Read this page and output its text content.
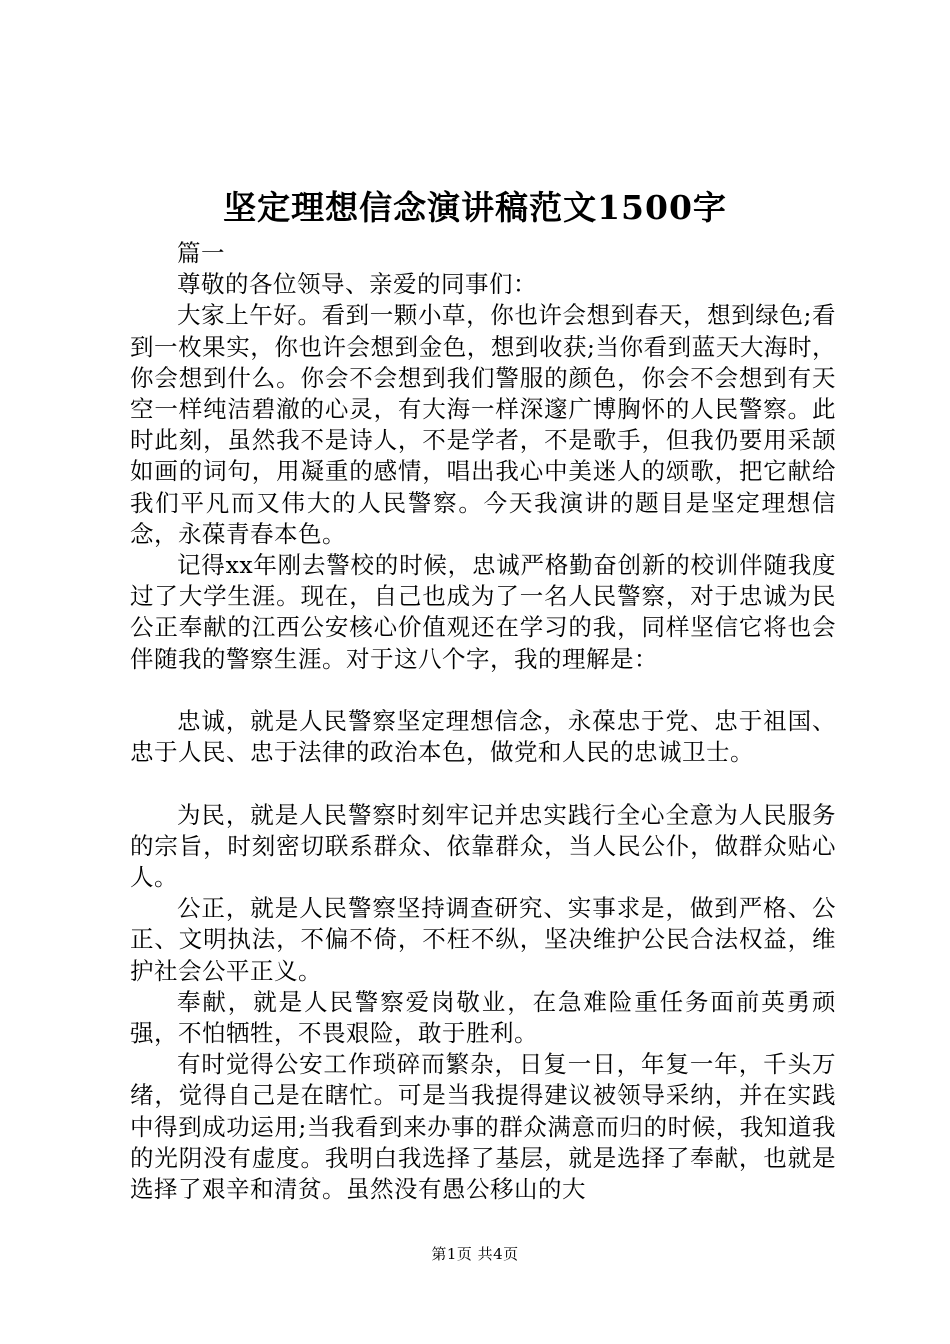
坚定理想信念演讲稿范文1500字

篇一

尊敬的各位领导、亲爱的同事们：

大家上午好。看到一颗小草，你也许会想到春天，想到绿色;看到一枚果实，你也许会想到金色，想到收获;当你看到蓝天大海时，你会想到什么。你会不会想到我们警服的颜色，你会不会想到有天空一样纯洁碧澈的心灵，有大海一样深邃广博胸怀的人民警察。此时此刻，虽然我不是诗人，不是学者，不是歌手，但我仍要用采颉如画的词句，用凝重的感情，唱出我心中美迷人的颂歌，把它献给我们平凡而又伟大的人民警察。今天我演讲的题目是坚定理想信念，永葆青春本色。

记得xx年刚去警校的时候，忠诚严格勤奋创新的校训伴随我度过了大学生涯。现在，自己也成为了一名人民警察，对于忠诚为民公正奉献的江西公安核心价值观还在学习的我，同样坚信它将也会伴随我的警察生涯。对于这八个字，我的理解是：

忠诚，就是人民警察坚定理想信念，永葆忠于党、忠于祖国、忠于人民、忠于法律的政治本色，做党和人民的忠诚卫士。

为民，就是人民警察时刻牢记并忠实践行全心全意为人民服务的宗旨，时刻密切联系群众、依靠群众，当人民公仆，做群众贴心人。

公正，就是人民警察坚持调查研究、实事求是，做到严格、公正、文明执法，不偏不倚，不枉不纵，坚决维护公民合法权益，维护社会公平正义。

奉献，就是人民警察爱岗敬业，在急难险重任务面前英勇顽强，不怕牺牲，不畏艰险，敢于胜利。

有时觉得公安工作琐碎而繁杂，日复一日，年复一年，千头万绪，觉得自己是在瞎忙。可是当我提得建议被领导采纳，并在实践中得到成功运用;当我看到来办事的群众满意而归的时候，我知道我的光阴没有虚度。我明白我选择了基层，就是选择了奉献，也就是选择了艰辛和清贫。虽然没有愚公移山的大

第1页 共4页
